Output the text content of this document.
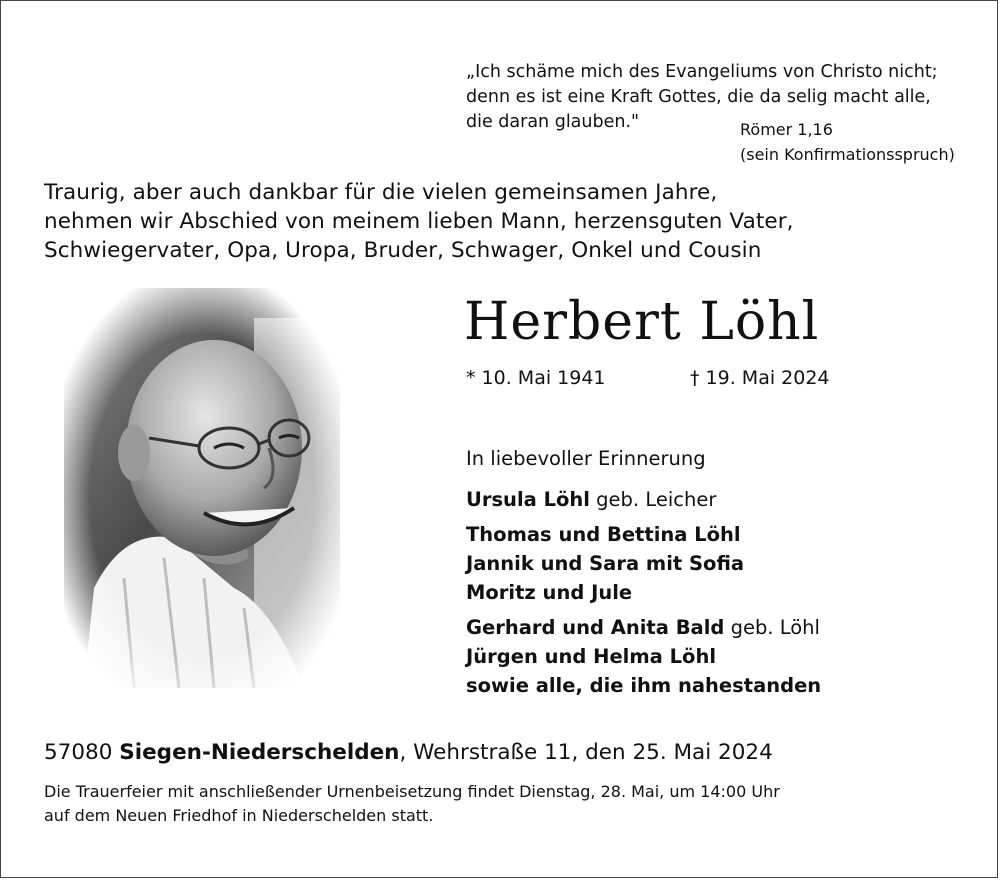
„Ich schäme mich des Evangeliums von Christo nicht;
denn es ist eine Kraft Gottes, die da selig macht alle,
die daran glauben."	Römer 1,16
(sein Konfirmationsspruch)
Traurig, aber auch dankbar für die vielen gemeinsamen Jahre,
nehmen wir Abschied von meinem lieben Mann, herzensguten Vater,
Schwiegervater, Opa, Uropa, Bruder, Schwager, Onkel und Cousin
Herbert Löhl
* 10. Mai 1941	† 19. Mai 2024
In liebevoller Erinnerung
Ursula Löhl geb. Leicher
Thomas und Bettina Löhl
Jannik und Sara mit Sofia
Moritz und Jule
Gerhard und Anita Bald geb. Löhl
Jürgen und Helma Löhl
sowie alle, die ihm nahestanden
57080 Siegen-Niederschelden, Wehrstraße 11, den 25. Mai 2024
Die Trauerfeier mit anschließender Urnenbeisetzung findet Dienstag, 28. Mai, um 14:00 Uhr
auf dem Neuen Friedhof in Niederschelden statt.
